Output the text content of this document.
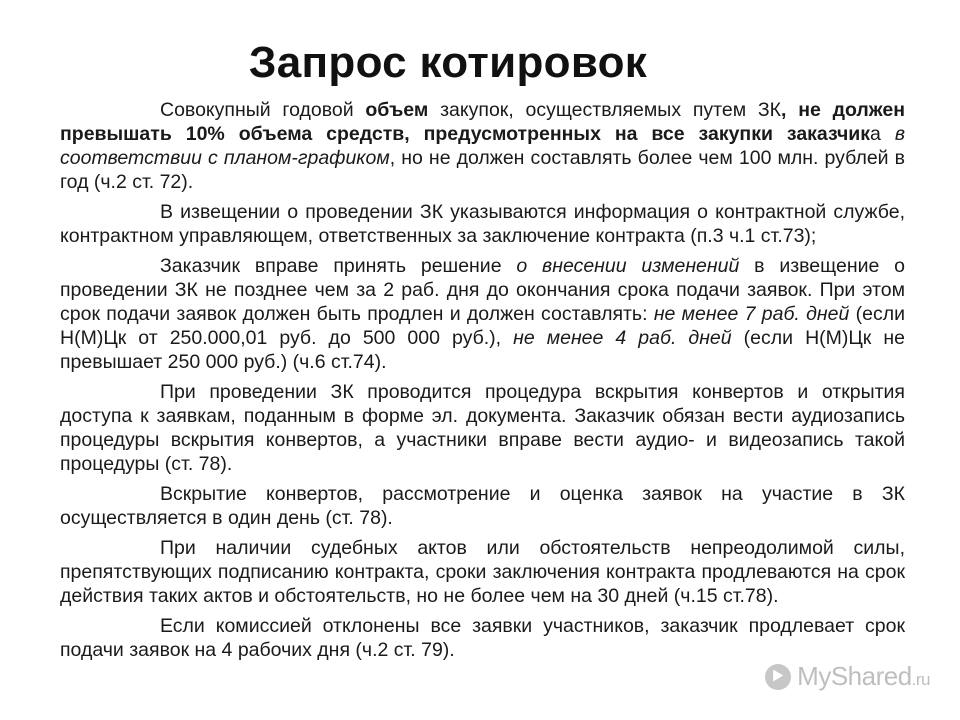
Запрос котировок

Совокупный годовой объем закупок, осуществляемых путем ЗК, не должен превышать 10% объема средств, предусмотренных на все закупки заказчика в соответствии с планом-графиком, но не должен составлять более чем 100 млн. рублей в год (ч.2 ст. 72).

В извещении о проведении ЗК указываются информация о контрактной службе, контрактном управляющем, ответственных за заключение контракта (п.3 ч.1 ст.73);

Заказчик вправе принять решение о внесении изменений в извещение о проведении ЗК не позднее чем за 2 раб. дня до окончания срока подачи заявок. При этом срок подачи заявок должен быть продлен и должен составлять: не менее 7 раб. дней (если Н(М)Цк от 250.000,01 руб. до 500 000 руб.), не менее 4 раб. дней (если Н(М)Цк не превышает 250 000 руб.) (ч.6 ст.74).

При проведении ЗК проводится процедура вскрытия конвертов и открытия доступа к заявкам, поданным в форме эл. документа. Заказчик обязан вести аудиозапись процедуры вскрытия конвертов, а участники вправе вести аудио- и видеозапись такой процедуры (ст. 78).

Вскрытие конвертов, рассмотрение и оценка заявок на участие в ЗК осуществляется в один день (ст. 78).

При наличии судебных актов или обстоятельств непреодолимой силы, препятствующих подписанию контракта, сроки заключения контракта продлеваются на срок действия таких актов и обстоятельств, но не более чем на 30 дней (ч.15 ст.78).

Если комиссией отклонены все заявки участников, заказчик продлевает срок подачи заявок на 4 рабочих дня (ч.2 ст. 79).

MyShared.ru
